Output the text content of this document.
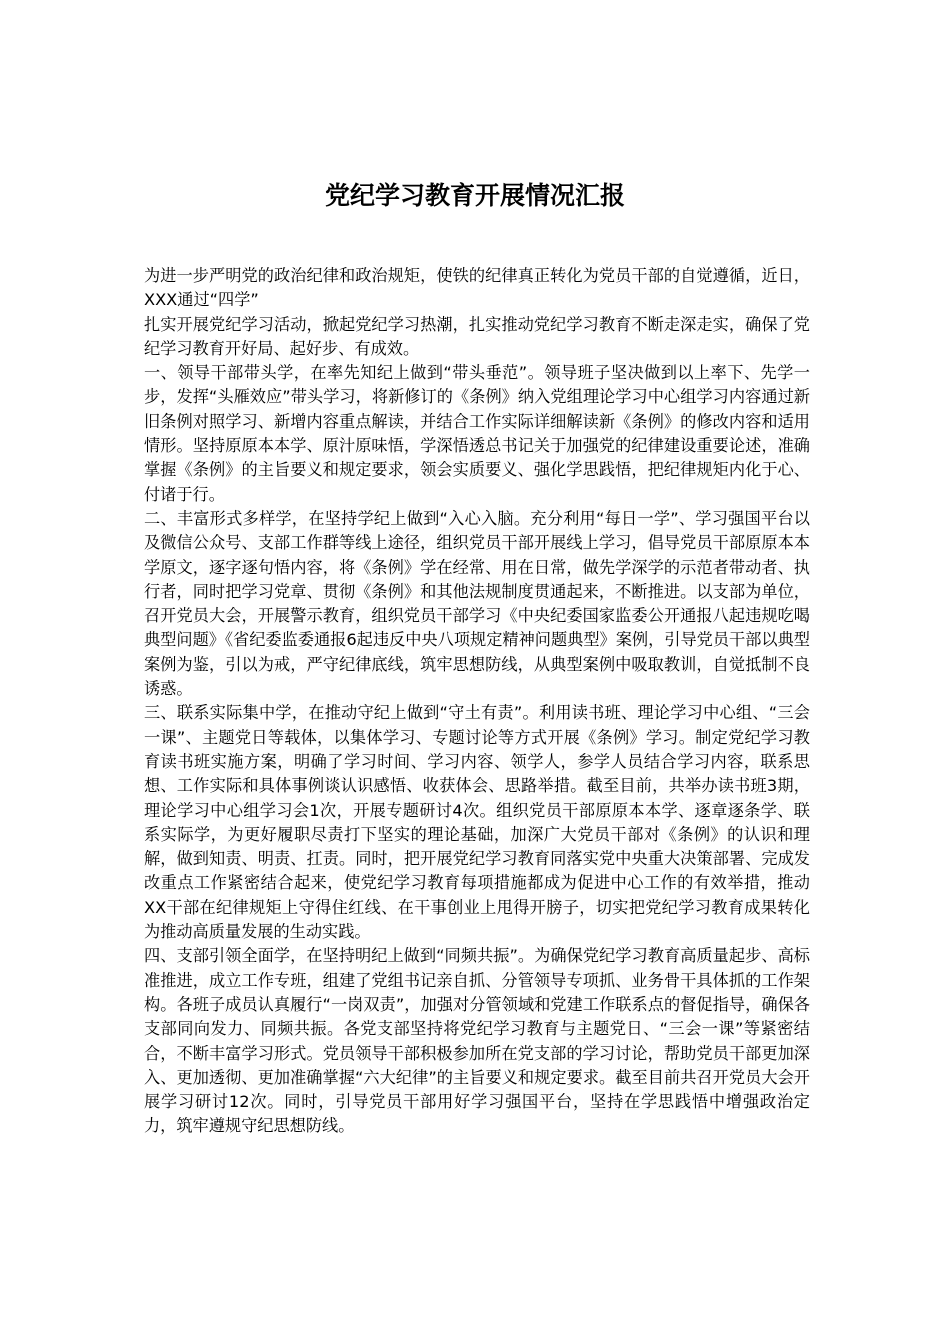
党纪学习教育开展情况汇报

为进一步严明党的政治纪律和政治规矩，使铁的纪律真正转化为党员干部的自觉遵循，近日，XXX通过“四学”

扎实开展党纪学习活动，掀起党纪学习热潮，扎实推动党纪学习教育不断走深走实，确保了党纪学习教育开好局、起好步、有成效。

一、领导干部带头学，在率先知纪上做到“带头垂范”。领导班子坚决做到以上率下、先学一步，发挥“头雁效应”带头学习，将新修订的《条例》纳入党组理论学习中心组学习内容通过新旧条例对照学习、新增内容重点解读，并结合工作实际详细解读新《条例》的修改内容和适用情形。坚持原原本本学、原汁原味悟，学深悟透总书记关于加强党的纪律建设重要论述，准确掌握《条例》的主旨要义和规定要求，领会实质要义、强化学思践悟，把纪律规矩内化于心、付诸于行。

二、丰富形式多样学，在坚持学纪上做到“入心入脑。充分利用“每日一学”、学习强国平台以及微信公众号、支部工作群等线上途径，组织党员干部开展线上学习，倡导党员干部原原本本学原文，逐字逐句悟内容，将《条例》学在经常、用在日常，做先学深学的示范者带动者、执行者，同时把学习党章、贯彻《条例》和其他法规制度贯通起来，不断推进。以支部为单位，召开党员大会，开展警示教育，组织党员干部学习《中央纪委国家监委公开通报八起违规吃喝典型问题》《省纪委监委通报6起违反中央八项规定精神问题典型》案例，引导党员干部以典型案例为鉴，引以为戒，严守纪律底线，筑牢思想防线，从典型案例中吸取教训，自觉抵制不良诱惑。

三、联系实际集中学，在推动守纪上做到“守土有责”。利用读书班、理论学习中心组、“三会一课”、主题党日等载体，以集体学习、专题讨论等方式开展《条例》学习。制定党纪学习教育读书班实施方案，明确了学习时间、学习内容、领学人，参学人员结合学习内容，联系思想、工作实际和具体事例谈认识感悟、收获体会、思路举措。截至目前，共举办读书班3期，理论学习中心组学习会1次，开展专题研讨4次。组织党员干部原原本本学、逐章逐条学、联系实际学，为更好履职尽责打下坚实的理论基础，加深广大党员干部对《条例》的认识和理解，做到知责、明责、扛责。同时，把开展党纪学习教育同落实党中央重大决策部署、完成发改重点工作紧密结合起来，使党纪学习教育每项措施都成为促进中心工作的有效举措，推动XX干部在纪律规矩上守得住红线、在干事创业上甩得开膀子，切实把党纪学习教育成果转化为推动高质量发展的生动实践。

四、支部引领全面学，在坚持明纪上做到“同频共振”。为确保党纪学习教育高质量起步、高标准推进，成立工作专班，组建了党组书记亲自抓、分管领导专项抓、业务骨干具体抓的工作架构。各班子成员认真履行“一岗双责”，加强对分管领域和党建工作联系点的督促指导，确保各支部同向发力、同频共振。各党支部坚持将党纪学习教育与主题党日、“三会一课”等紧密结合，不断丰富学习形式。党员领导干部积极参加所在党支部的学习讨论，帮助党员干部更加深入、更加透彻、更加准确掌握“六大纪律”的主旨要义和规定要求。截至目前共召开党员大会开展学习研讨12次。同时，引导党员干部用好学习强国平台，坚持在学思践悟中增强政治定力，筑牢遵规守纪思想防线。
